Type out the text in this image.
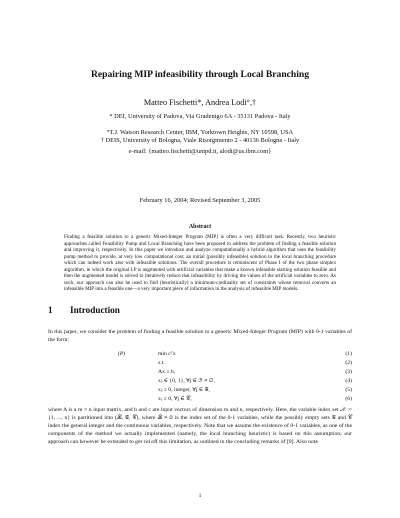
Repairing MIP infeasibility through Local Branching
Matteo Fischetti*, Andrea Lodi°,†
* DEI, University of Padova, Via Gradenigo 6A - 35131 Padova - Italy
°T.J. Watson Research Center, IBM, Yorktown Heights, NY 10598, USA
† DEIS, University of Bologna, Viale Risorgimento 2 - 40136 Bologna - Italy
e-mail: {matteo.fischetti@unipd.it, alodi@us.ibm.com}
February 16, 2004; Revised September 3, 2005
Abstract

Finding a feasible solution to a generic Mixed-Integer Program (MIP) is often a very difficult task. Recently, two heuristic approaches called Feasibility Pump and Local Branching have been proposed to address the problem of finding a feasible solution and improving it, respectively. In this paper we introduce and analyze computationally a hybrid algorithm that uses the feasibility pump method to provide, at very low computational cost, an initial (possibly infeasible) solution to the local branching procedure which can indeed work also with infeasible solutions. The overall procedure is reminiscent of Phase I of the two phase simplex algorithm, in which the original LP is augmented with artificial variables that make a known infeasible starting solution feasible and then the augmented model is solved to iteratively reduce that infeasibility by driving the values of the artificial variables to zero. As such, our approach can also be used to find (heuristically) a minimum-cardinality set of constraints whose removal converts an infeasible MIP into a feasible one—a very important piece of information in the analysis of infeasible MIP models.

1 Introduction

In this paper, we consider the problem of finding a feasible solution to a generic Mixed-Integer Program (MIP) with 0-1 variables of the form:

(P)	min cᵀx	(1)
s.t.	(2)
Ax ≥ b,	(3)
xⱼ ∈ {0, 1}, ∀j ∈ ℬ ≠ ∅,	(4)
xⱼ ≥ 0, integer, ∀j ∈ 𝒢,	(5)
xⱼ ≥ 0, ∀j ∈ 𝒞,	(6)

where A is a m × n input matrix, and b and c are input vectors of dimension m and n, respectively. Here, the variable index set 𝒩 := {1, ..., n} is partitioned into (ℬ, 𝒢, 𝒞), where ℬ ≠ ∅ is the index set of the 0-1 variables, while the possibly empty sets 𝒢 and 𝒞 index the general integer and the continuous variables, respectively. Note that we assume the existence of 0-1 variables, as one of the components of the method we actually implemented (namely, the local branching heuristic) is based on this assumption; our approach can however be extended to get rid off this limitation, as outlined in the concluding remarks of [9]. Also note

1
